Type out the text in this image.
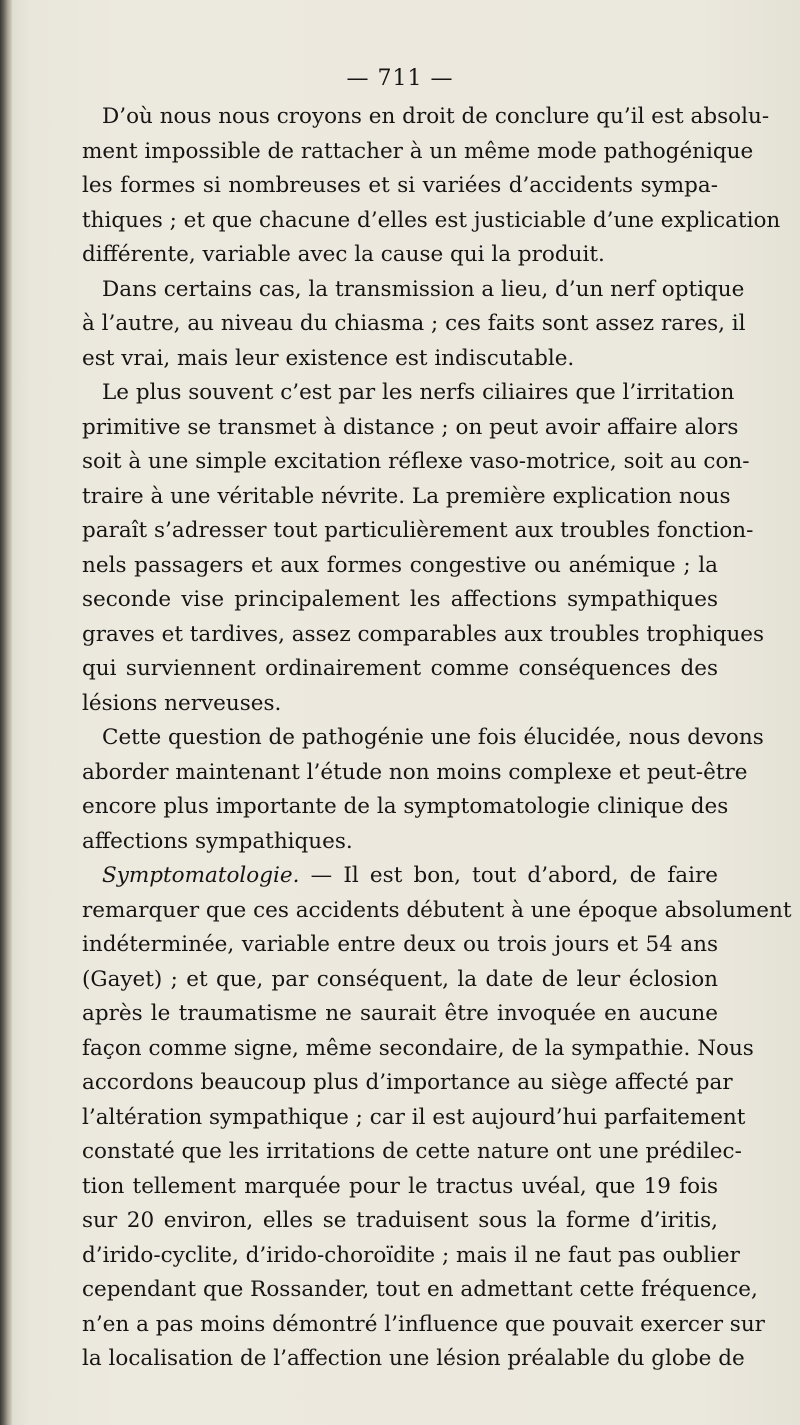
— 711 —
D’où nous nous croyons en droit de conclure qu’il est absolu-
ment impossible de rattacher à un même mode pathogénique
les formes si nombreuses et si variées d’accidents sympa-
thiques ; et que chacune d’elles est justiciable d’une explication
différente, variable avec la cause qui la produit.
Dans certains cas, la transmission a lieu, d’un nerf optique
à l’autre, au niveau du chiasma ; ces faits sont assez rares, il
est vrai, mais leur existence est indiscutable.
Le plus souvent c’est par les nerfs ciliaires que l’irritation
primitive se transmet à distance ; on peut avoir affaire alors
soit à une simple excitation réflexe vaso-motrice, soit au con-
traire à une véritable névrite. La première explication nous
paraît s’adresser tout particulièrement aux troubles fonction-
nels passagers et aux formes congestive ou anémique ; la
seconde vise principalement les affections sympathiques
graves et tardives, assez comparables aux troubles trophiques
qui surviennent ordinairement comme conséquences des
lésions nerveuses.
Cette question de pathogénie une fois élucidée, nous devons
aborder maintenant l’étude non moins complexe et peut-être
encore plus importante de la symptomatologie clinique des
affections sympathiques.
Symptomatologie. — Il est bon, tout d’abord, de faire
remarquer que ces accidents débutent à une époque absolument
indéterminée, variable entre deux ou trois jours et 54 ans
(Gayet) ; et que, par conséquent, la date de leur éclosion
après le traumatisme ne saurait être invoquée en aucune
façon comme signe, même secondaire, de la sympathie. Nous
accordons beaucoup plus d’importance au siège affecté par
l’altération sympathique ; car il est aujourd’hui parfaitement
constaté que les irritations de cette nature ont une prédilec-
tion tellement marquée pour le tractus uvéal, que 19 fois
sur 20 environ, elles se traduisent sous la forme d’iritis,
d’irido-cyclite, d’irido-choroïdite ; mais il ne faut pas oublier
cependant que Rossander, tout en admettant cette fréquence,
n’en a pas moins démontré l’influence que pouvait exercer sur
la localisation de l’affection une lésion préalable du globe de
